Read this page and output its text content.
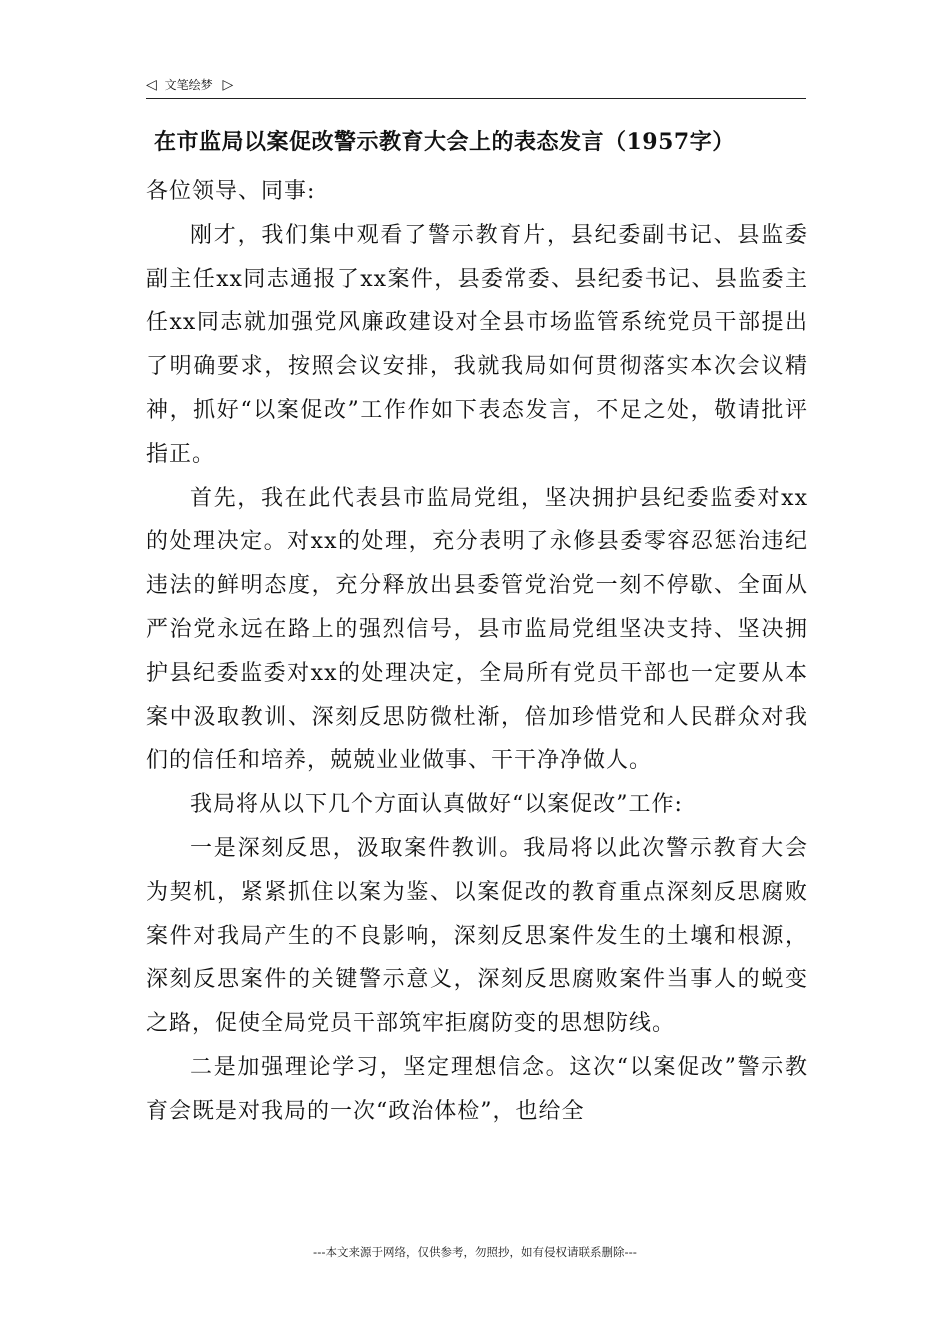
◁ 文笔绘梦 ▷
在市监局以案促改警示教育大会上的表态发言（1957字）

各位领导、同事:

刚才，我们集中观看了警示教育片，县纪委副书记、县监委副主任xx同志通报了xx案件，县委常委、县纪委书记、县监委主任xx同志就加强党风廉政建设对全县市场监管系统党员干部提出了明确要求，按照会议安排，我就我局如何贯彻落实本次会议精神，抓好“以案促改”工作作如下表态发言，不足之处，敬请批评指正。

首先，我在此代表县市监局党组，坚决拥护县纪委监委对xx的处理决定。对xx的处理，充分表明了永修县委零容忍惩治违纪违法的鲜明态度，充分释放出县委管党治党一刻不停歇、全面从严治党永远在路上的强烈信号，县市监局党组坚决支持、坚决拥护县纪委监委对xx的处理决定，全局所有党员干部也一定要从本案中汲取教训、深刻反思防微杜渐，倍加珍惜党和人民群众对我们的信任和培养，兢兢业业做事、干干净净做人。

我局将从以下几个方面认真做好“以案促改”工作:

一是深刻反思，汲取案件教训。我局将以此次警示教育大会为契机，紧紧抓住以案为鉴、以案促改的教育重点深刻反思腐败案件对我局产生的不良影响，深刻反思案件发生的土壤和根源，深刻反思案件的关键警示意义，深刻反思腐败案件当事人的蜕变之路，促使全局党员干部筑牢拒腐防变的思想防线。

二是加强理论学习，坚定理想信念。这次“以案促改”警示教育会既是对我局的一次“政治体检”，也给全

---本文来源于网络，仅供参考，勿照抄，如有侵权请联系删除---
